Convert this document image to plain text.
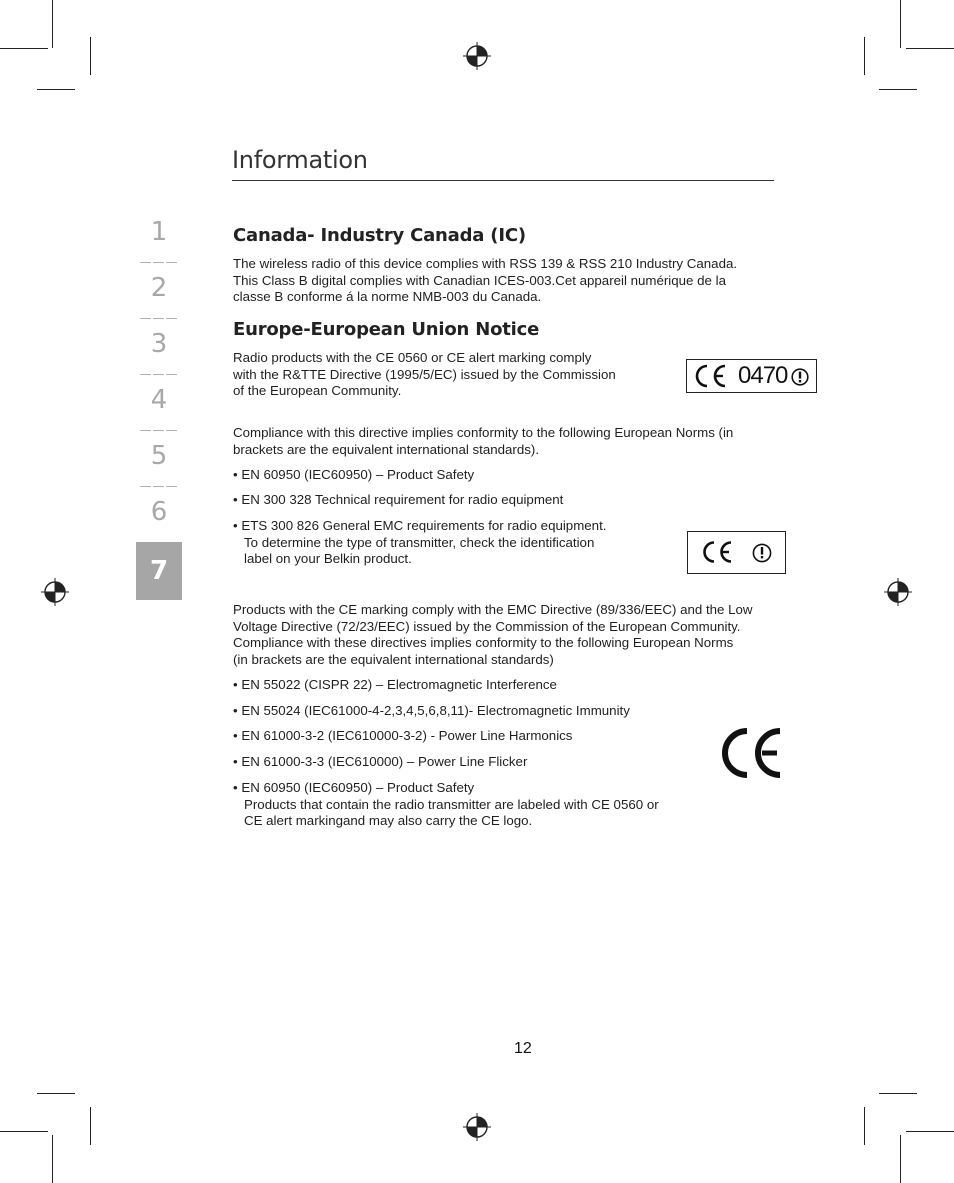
Information
1
———
2
———
3
———
4
———
5
———
6
7
Canada- Industry Canada (IC)
The wireless radio of this device complies with RSS 139 & RSS 210 Industry Canada.
This Class B digital complies with Canadian ICES-003.Cet appareil numérique de la
classe B conforme á la norme NMB-003 du Canada.
Europe-European Union Notice
Radio products with the CE 0560 or CE alert marking comply
with the R&TTE Directive (1995/5/EC) issued by the Commission
of the European Community.
0470
Compliance with this directive implies conformity to the following European Norms (in
brackets are the equivalent international standards).
• EN 60950 (IEC60950) – Product Safety
• EN 300 328 Technical requirement for radio equipment
• ETS 300 826 General EMC requirements for radio equipment.
To determine the type of transmitter, check the identification
label on your Belkin product.
Products with the CE marking comply with the EMC Directive (89/336/EEC) and the Low
Voltage Directive (72/23/EEC) issued by the Commission of the European Community.
Compliance with these directives implies conformity to the following European Norms
(in brackets are the equivalent international standards)
• EN 55022 (CISPR 22) – Electromagnetic Interference
• EN 55024 (IEC61000-4-2,3,4,5,6,8,11)- Electromagnetic Immunity
• EN 61000-3-2 (IEC610000-3-2) - Power Line Harmonics
• EN 61000-3-3 (IEC610000) – Power Line Flicker
• EN 60950 (IEC60950) – Product Safety
Products that contain the radio transmitter are labeled with CE 0560 or
CE alert markingand may also carry the CE logo.
12
